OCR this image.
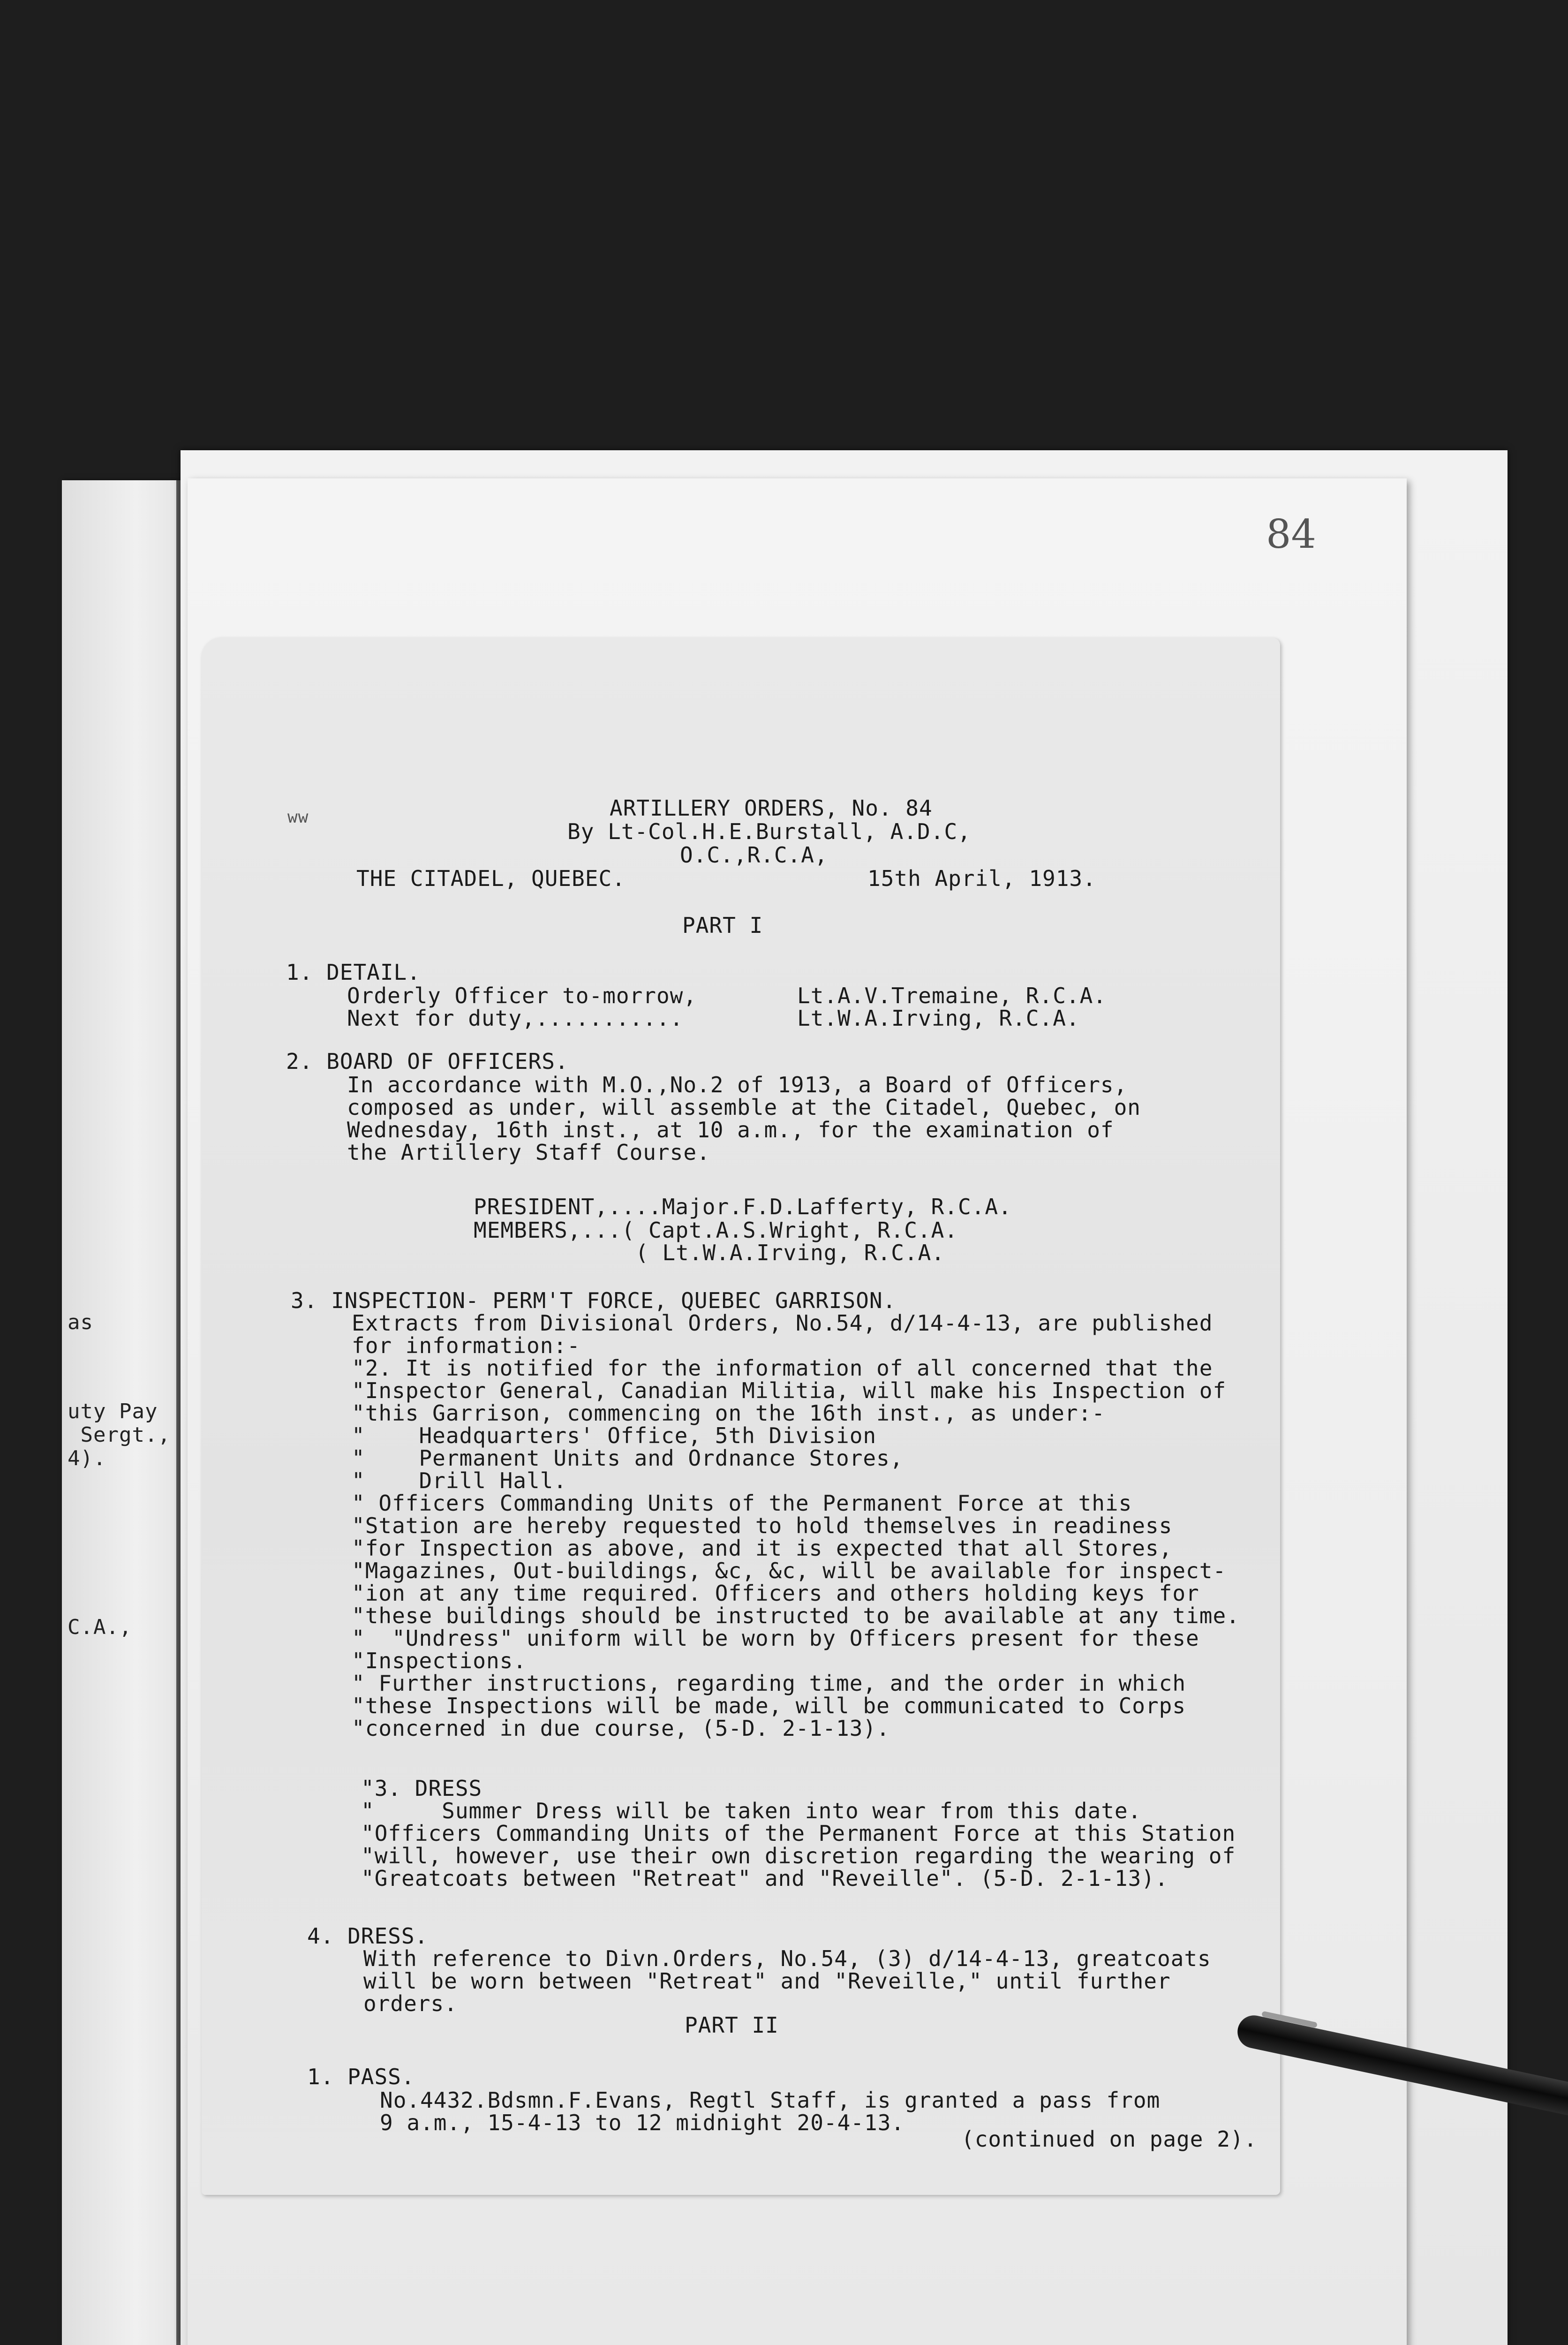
as
uty Pay
Sergt.,
4).
C.A.,
84
ww	ARTILLERY ORDERS, No. 84
By Lt-Col.H.E.Burstall, A.D.C,
O.C.,R.C.A,
THE CITADEL, QUEBEC.	15th April, 1913.
PART I
1. DETAIL.
Orderly Officer to-morrow,	Lt.A.V.Tremaine, R.C.A.
Next for duty,...........	Lt.W.A.Irving, R.C.A.
2. BOARD OF OFFICERS.
In accordance with M.O.,No.2 of 1913, a Board of Officers,
composed as under, will assemble at the Citadel, Quebec, on
Wednesday, 16th inst., at 10 a.m., for the examination of
the Artillery Staff Course.
PRESIDENT,....Major.F.D.Lafferty, R.C.A.
MEMBERS,...( Capt.A.S.Wright, R.C.A.
( Lt.W.A.Irving, R.C.A.
3. INSPECTION- PERM'T FORCE, QUEBEC GARRISON.
Extracts from Divisional Orders, No.54, d/14-4-13, are published
for information:-
"2. It is notified for the information of all concerned that the
"Inspector General, Canadian Militia, will make his Inspection of
"this Garrison, commencing on the 16th inst., as under:-
"    Headquarters' Office, 5th Division
"    Permanent Units and Ordnance Stores,
"    Drill Hall.
" Officers Commanding Units of the Permanent Force at this
"Station are hereby requested to hold themselves in readiness
"for Inspection as above, and it is expected that all Stores,
"Magazines, Out-buildings, &c, &c, will be available for inspect-
"ion at any time required. Officers and others holding keys for
"these buildings should be instructed to be available at any time.
"  "Undress" uniform will be worn by Officers present for these
"Inspections.
" Further instructions, regarding time, and the order in which
"these Inspections will be made, will be communicated to Corps
"concerned in due course, (5-D. 2-1-13).
"3. DRESS
"     Summer Dress will be taken into wear from this date.
"Officers Commanding Units of the Permanent Force at this Station
"will, however, use their own discretion regarding the wearing of
"Greatcoats between "Retreat" and "Reveille". (5-D. 2-1-13).
4. DRESS.
With reference to Divn.Orders, No.54, (3) d/14-4-13, greatcoats
will be worn between "Retreat" and "Reveille," until further
orders.
PART II
1. PASS.
No.4432.Bdsmn.F.Evans, Regtl Staff, is granted a pass from
9 a.m., 15-4-13 to 12 midnight 20-4-13.
(continued on page 2).
